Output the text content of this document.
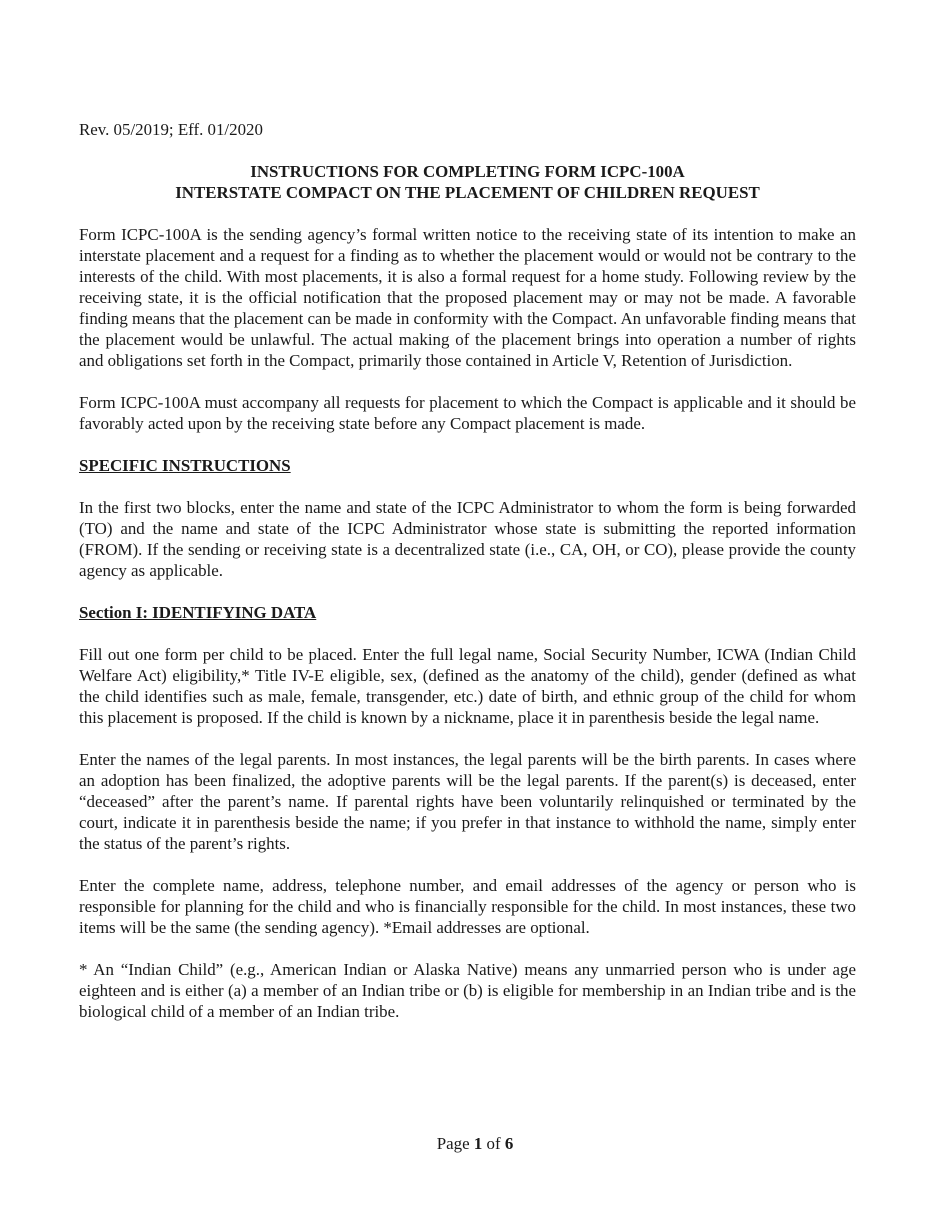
Rev. 05/2019; Eff. 01/2020
INSTRUCTIONS FOR COMPLETING FORM ICPC-100A
INTERSTATE COMPACT ON THE PLACEMENT OF CHILDREN REQUEST

Form ICPC-100A is the sending agency’s formal written notice to the receiving state of its intention to make an interstate placement and a request for a finding as to whether the placement would or would not be contrary to the interests of the child. With most placements, it is also a formal request for a home study. Following review by the receiving state, it is the official notification that the proposed placement may or may not be made. A favorable finding means that the placement can be made in conformity with the Compact. An unfavorable finding means that the placement would be unlawful. The actual making of the placement brings into operation a number of rights and obligations set forth in the Compact, primarily those contained in Article V, Retention of Jurisdiction.

Form ICPC-100A must accompany all requests for placement to which the Compact is applicable and it should be favorably acted upon by the receiving state before any Compact placement is made.

SPECIFIC INSTRUCTIONS

In the first two blocks, enter the name and state of the ICPC Administrator to whom the form is being forwarded (TO) and the name and state of the ICPC Administrator whose state is submitting the reported information (FROM). If the sending or receiving state is a decentralized state (i.e., CA, OH, or CO), please provide the county agency as applicable.

Section I: IDENTIFYING DATA

Fill out one form per child to be placed. Enter the full legal name, Social Security Number, ICWA (Indian Child Welfare Act) eligibility,* Title IV-E eligible, sex, (defined as the anatomy of the child), gender (defined as what the child identifies such as male, female, transgender, etc.) date of birth, and ethnic group of the child for whom this placement is proposed. If the child is known by a nickname, place it in parenthesis beside the legal name.

Enter the names of the legal parents. In most instances, the legal parents will be the birth parents. In cases where an adoption has been finalized, the adoptive parents will be the legal parents. If the parent(s) is deceased, enter “deceased” after the parent’s name. If parental rights have been voluntarily relinquished or terminated by the court, indicate it in parenthesis beside the name; if you prefer in that instance to withhold the name, simply enter the status of the parent’s rights.

Enter the complete name, address, telephone number, and email addresses of the agency or person who is responsible for planning for the child and who is financially responsible for the child. In most instances, these two items will be the same (the sending agency). *Email addresses are optional.

* An “Indian Child” (e.g., American Indian or Alaska Native) means any unmarried person who is under age eighteen and is either (a) a member of an Indian tribe or (b) is eligible for membership in an Indian tribe and is the biological child of a member of an Indian tribe.

Page 1 of 6
